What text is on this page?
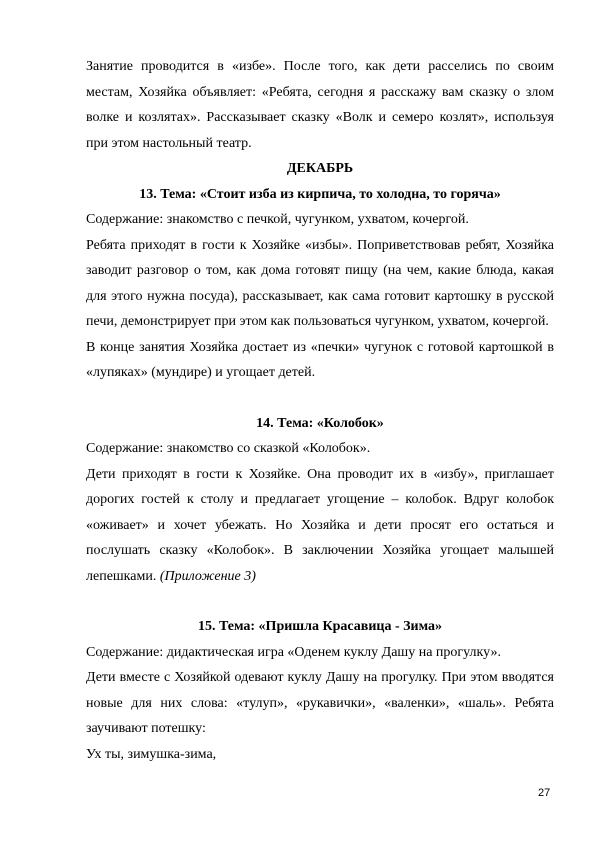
Занятие проводится в «избе». После того, как дети расселись по своим

местам, Хозяйка объявляет: «Ребята, сегодня я расскажу вам сказку о злом

волке и козлятах». Рассказывает сказку «Волк и семеро козлят», используя

при этом настольный театр.

ДЕКАБРЬ

13. Тема: «Стоит изба из кирпича, то холодна, то горяча»

Содержание: знакомство с печкой, чугунком, ухватом, кочергой.

Ребята приходят в гости к Хозяйке «избы». Поприветствовав ребят, Хозяйка

заводит разговор о том, как дома готовят пищу (на чем, какие блюда, какая

для этого нужна посуда), рассказывает, как сама готовит картошку в русской

печи, демонстрирует при этом как пользоваться чугунком, ухватом, кочергой.

В конце занятия Хозяйка достает из «печки» чугунок с готовой картошкой в

«лупяках» (мундире) и угощает детей.

14. Тема: «Колобок»

Содержание: знакомство со сказкой «Колобок».

Дети приходят в гости к Хозяйке. Она проводит их в «избу», приглашает

дорогих гостей к столу и предлагает угощение – колобок. Вдруг колобок

«оживает» и хочет убежать. Но Хозяйка и дети просят его остаться и

послушать сказку «Колобок». В заключении Хозяйка угощает малышей

лепешками. (Приложение 3)

15. Тема: «Пришла Красавица - Зима»

Содержание: дидактическая игра «Оденем куклу Дашу на прогулку».

Дети вместе с Хозяйкой одевают куклу Дашу на прогулку. При этом вводятся

новые для них слова: «тулуп», «рукавички», «валенки», «шаль». Ребята

заучивают потешку:

Ух ты, зимушка-зима,

27
